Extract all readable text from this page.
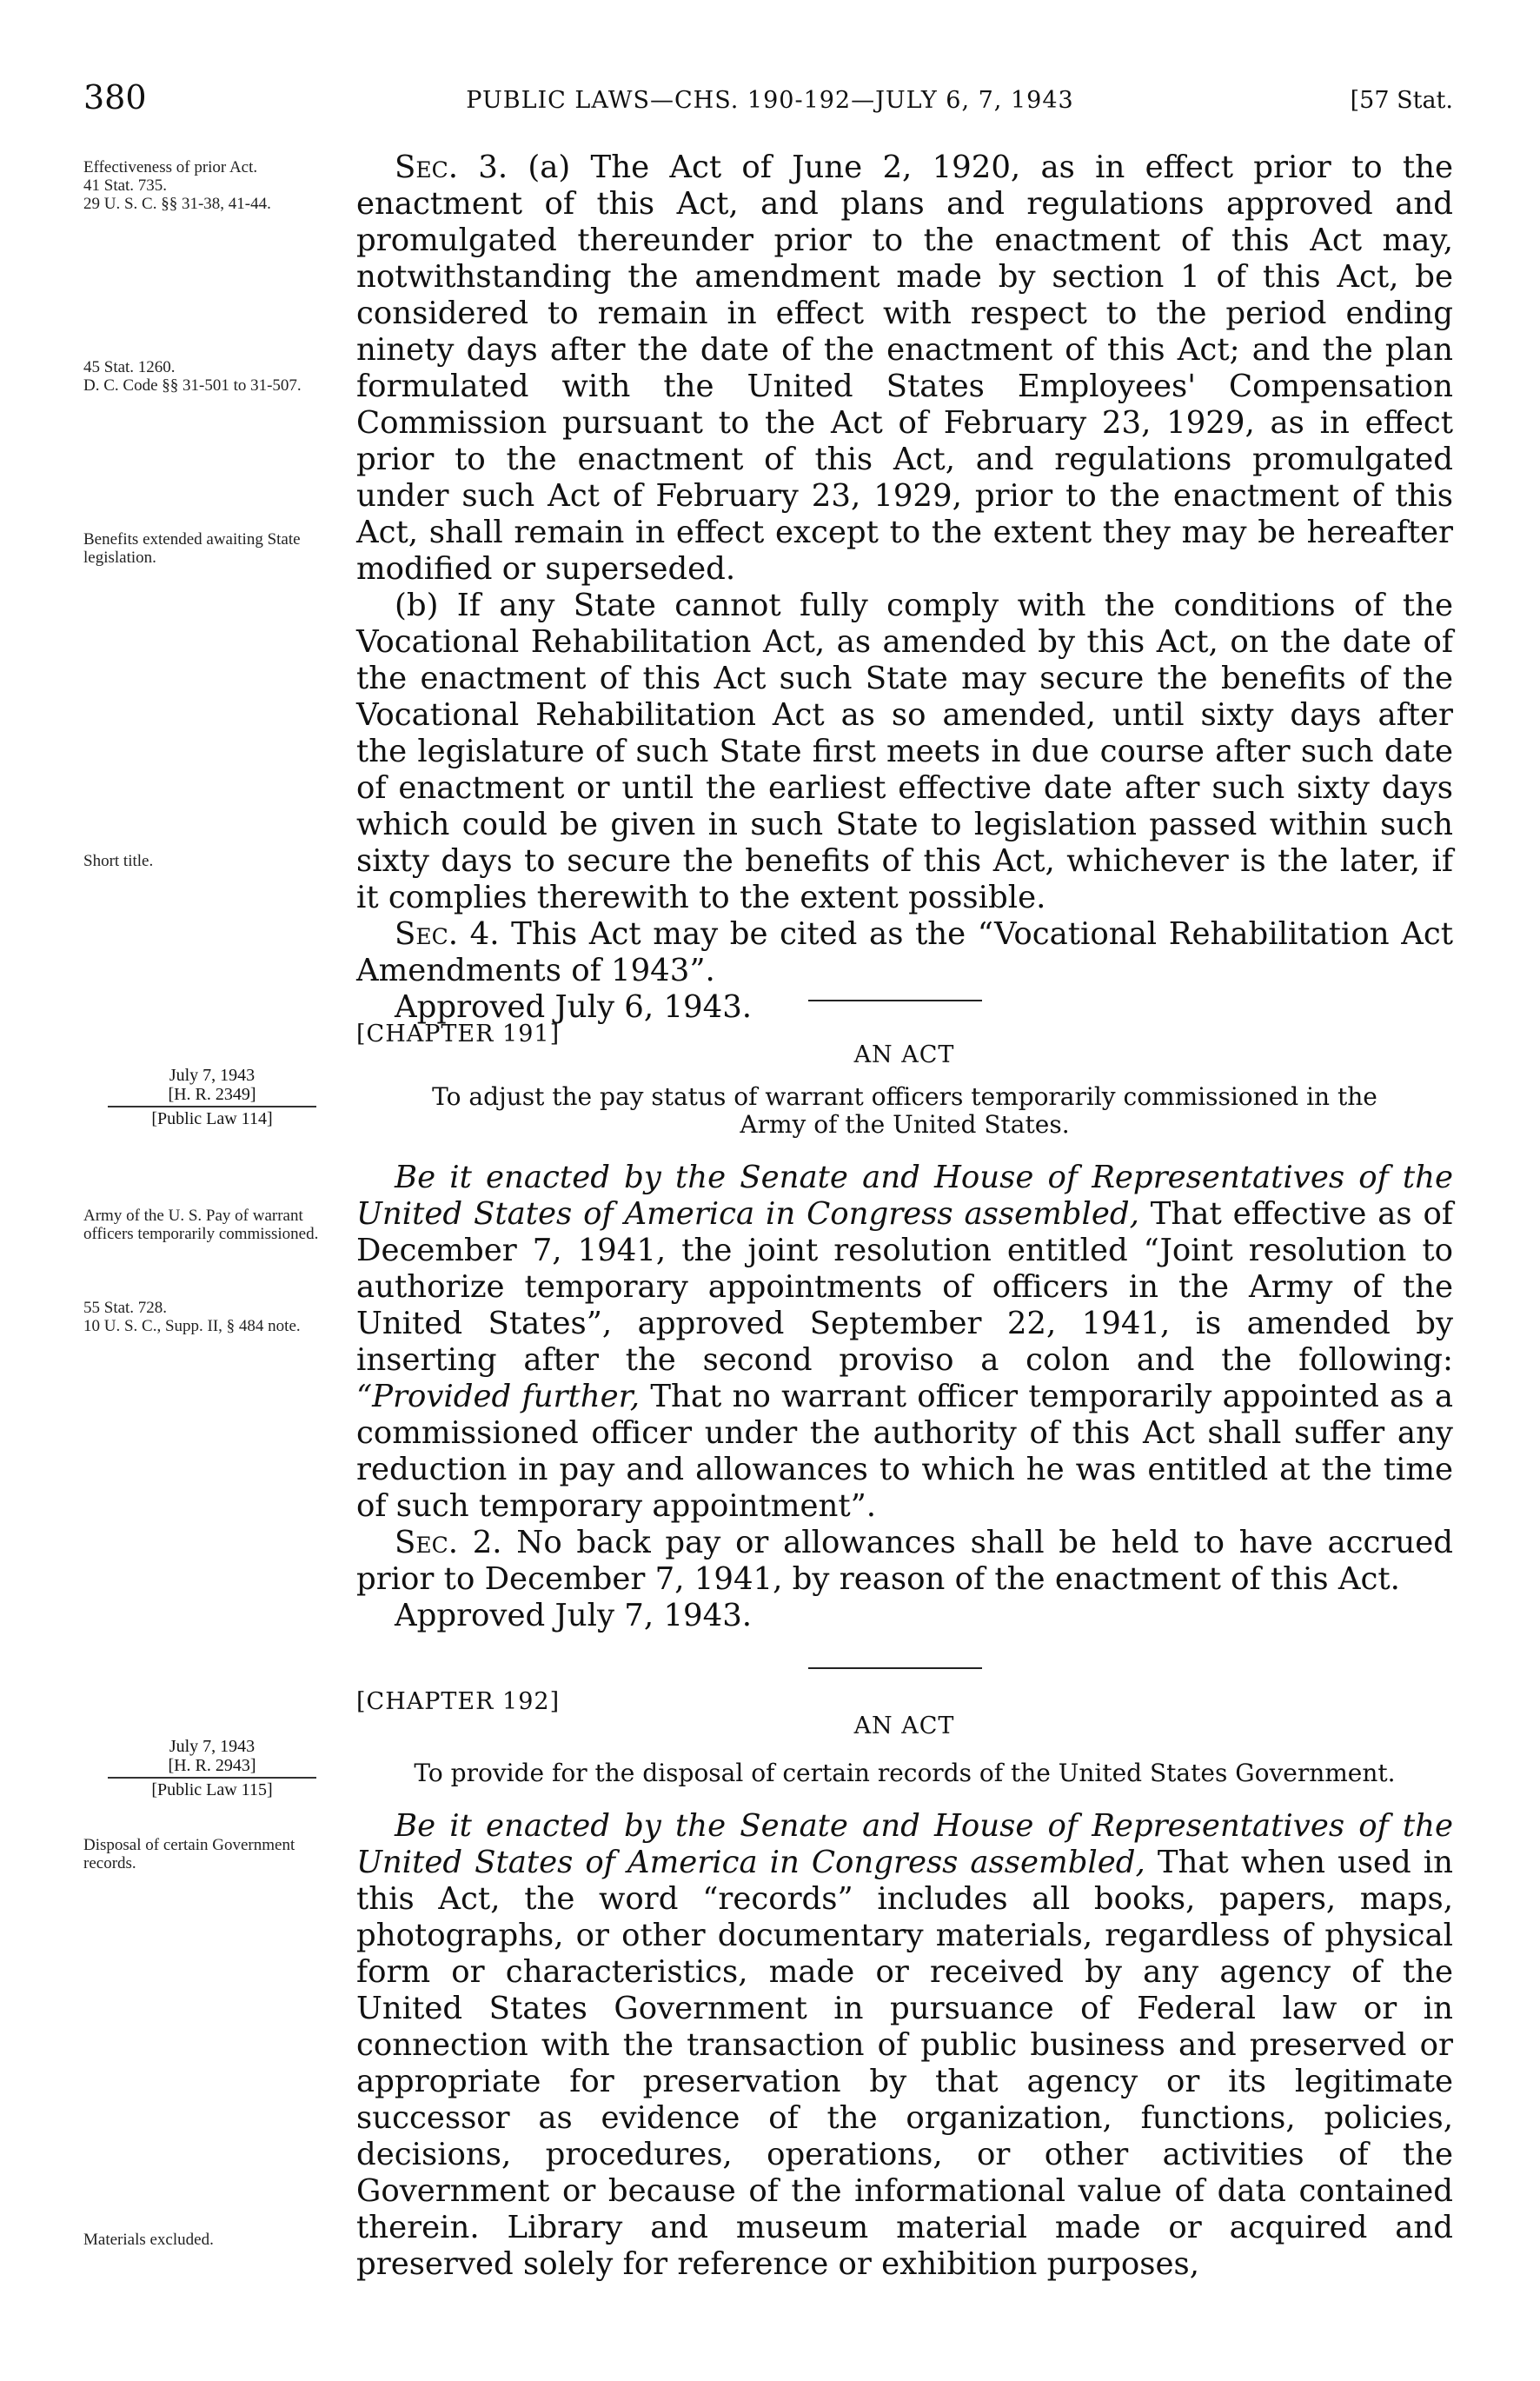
380	PUBLIC LAWS—CHS. 190-192—JULY 6, 7, 1943	[57 Stat.
Effectiveness of prior Act.
41 Stat. 735.
29 U. S. C. §§ 31-38, 41-44.
45 Stat. 1260.
D. C. Code §§ 31-501 to 31-507.
Benefits extended awaiting State legislation.
Short title.
July 7, 1943
[H. R. 2349]
[Public Law 114]
Army of the U. S. Pay of warrant officers temporarily commissioned.
55 Stat. 728.
10 U. S. C., Supp. II, § 484 note.
July 7, 1943
[H. R. 2943]
[Public Law 115]
Disposal of certain Government records.
Materials excluded.

Sec. 3. (a) The Act of June 2, 1920, as in effect prior to the enactment of this Act, and plans and regulations approved and promulgated thereunder prior to the enactment of this Act may, notwithstanding the amendment made by section 1 of this Act, be considered to remain in effect with respect to the period ending ninety days after the date of the enactment of this Act; and the plan formulated with the United States Employees' Compensation Commission pursuant to the Act of February 23, 1929, as in effect prior to the enactment of this Act, and regulations promulgated under such Act of February 23, 1929, prior to the enactment of this Act, shall remain in effect except to the extent they may be hereafter modified or superseded.

(b) If any State cannot fully comply with the conditions of the Vocational Rehabilitation Act, as amended by this Act, on the date of the enactment of this Act such State may secure the benefits of the Vocational Rehabilitation Act as so amended, until sixty days after the legislature of such State first meets in due course after such date of enactment or until the earliest effective date after such sixty days which could be given in such State to legislation passed within such sixty days to secure the benefits of this Act, whichever is the later, if it complies therewith to the extent possible.

Sec. 4. This Act may be cited as the “Vocational Rehabilitation Act Amendments of 1943”.

Approved July 6, 1943.

[CHAPTER 191]
AN ACT
To adjust the pay status of warrant officers temporarily commissioned in the
Army of the United States.

Be it enacted by the Senate and House of Representatives of the United States of America in Congress assembled, That effective as of December 7, 1941, the joint resolution entitled “Joint resolution to authorize temporary appointments of officers in the Army of the United States”, approved September 22, 1941, is amended by inserting after the second proviso a colon and the following: “Provided further, That no warrant officer temporarily appointed as a commissioned officer under the authority of this Act shall suffer any reduction in pay and allowances to which he was entitled at the time of such temporary appointment”.

Sec. 2. No back pay or allowances shall be held to have accrued prior to December 7, 1941, by reason of the enactment of this Act.

Approved July 7, 1943.

[CHAPTER 192]
AN ACT
To provide for the disposal of certain records of the United States Government.

Be it enacted by the Senate and House of Representatives of the United States of America in Congress assembled, That when used in this Act, the word “records” includes all books, papers, maps, photographs, or other documentary materials, regardless of physical form or characteristics, made or received by any agency of the United States Government in pursuance of Federal law or in connection with the transaction of public business and preserved or appropriate for preservation by that agency or its legitimate successor as evidence of the organization, functions, policies, decisions, procedures, operations, or other activities of the Government or because of the informational value of data contained therein. Library and museum material made or acquired and preserved solely for reference or exhibition purposes,
